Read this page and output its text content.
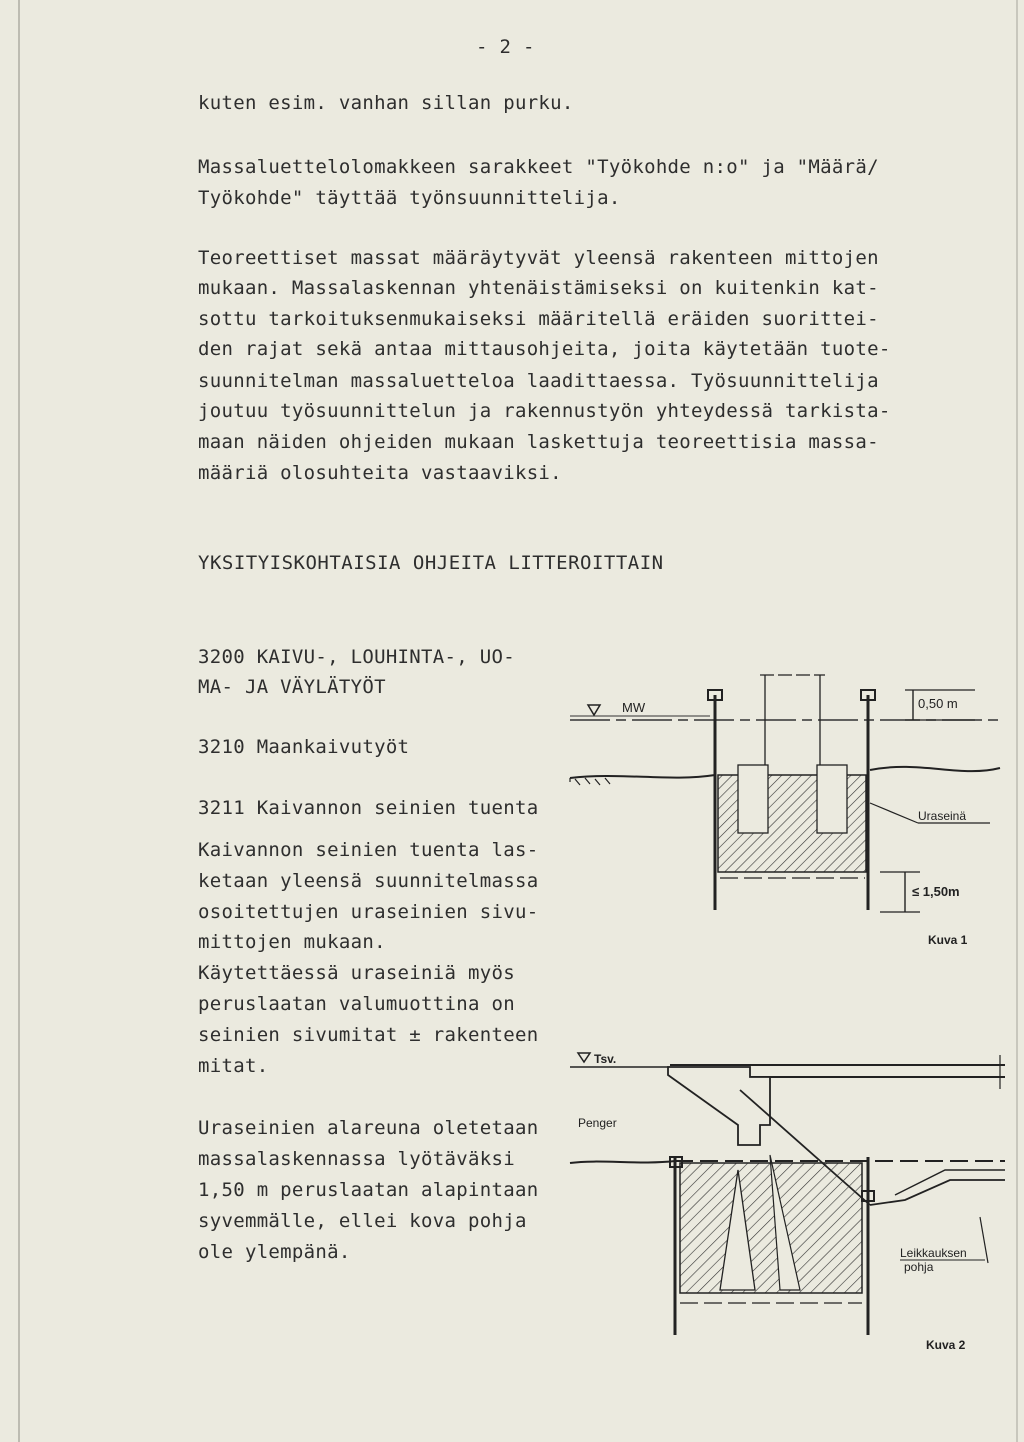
- 2 -
kuten esim. vanhan sillan purku.
Massaluettelolomakkeen sarakkeet "Työkohde n:o" ja "Määrä/
Työkohde" täyttää työnsuunnittelija.
Teoreettiset massat määräytyvät yleensä rakenteen mittojen
mukaan. Massalaskennan yhtenäistämiseksi on kuitenkin kat-
sottu tarkoituksenmukaiseksi määritellä eräiden suorittei-
den rajat sekä antaa mittausohjeita, joita käytetään tuote-
suunnitelman massaluetteloa laadittaessa. Työsuunnittelija
joutuu työsuunnittelun ja rakennustyön yhteydessä tarkista-
maan näiden ohjeiden mukaan laskettuja teoreettisia massa-
määriä olosuhteita vastaaviksi.
YKSITYISKOHTAISIA OHJEITA LITTEROITTAIN
3200 KAIVU-, LOUHINTA-, UO-
MA- JA VÄYLÄTYÖT
3210 Maankaivutyöt
3211 Kaivannon seinien tuenta
Kaivannon seinien tuenta las-
ketaan yleensä suunnitelmassa
osoitettujen uraseinien sivu-
mittojen mukaan.
Käytettäessä uraseiniä myös
peruslaatan valumuottina on
seinien sivumitat ± rakenteen
mitat.
Uraseinien alareuna oletetaan
massalaskennassa lyötäväksi
1,50 m peruslaatan alapintaan
syvemmälle, ellei kova pohja
ole ylempänä.
MW	0,50 m
Uraseinä
≤ 1,50m
Kuva 1
Tsv.
Penger
Leikkauksen
pohja
Kuva 2
